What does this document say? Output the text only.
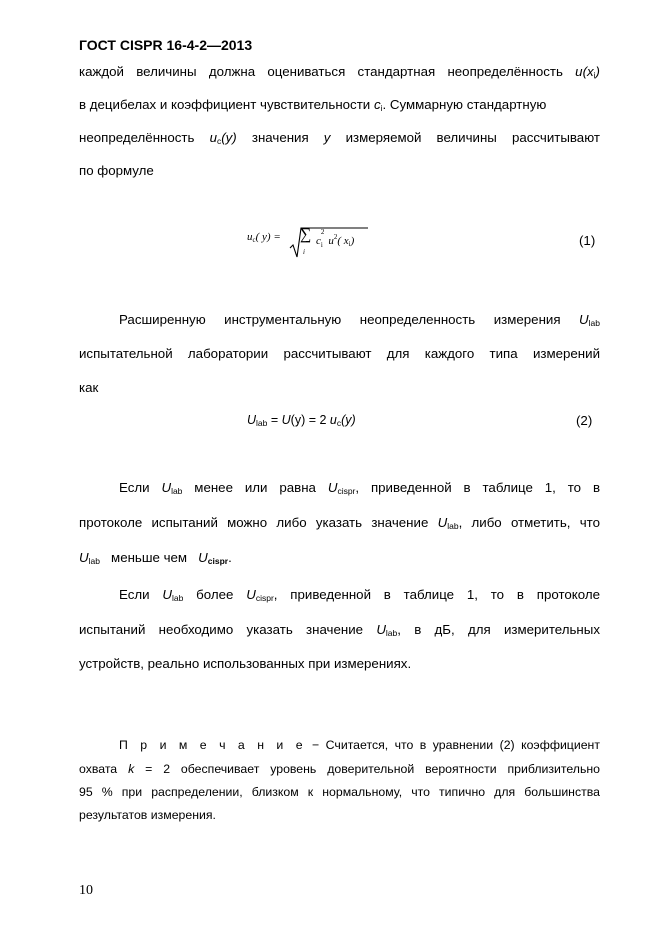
ГОСТ CISPR 16-4-2—2013
каждой величины должна оцениваться стандартная неопределённость $u(x_i)$
в децибелах и коэффициент чувствительности $c_i$. Суммарную стандартную
неопределённость $u_c(y)$ значения y измеряемой величины рассчитывают
по формуле
$u_c$( y) = ∑
i
c
2
$_i$ $u^2$( $x_i$)	(1)
Расширенную инструментальную неопределенность измерения $U_{lab}$
испытательной лаборатории рассчитывают для каждого типа измерений
как
$U_{lab} = U(y) = 2$ $u_c(y)$	(2)
Если $U_{lab}$ менее или равна $U_{cispr}$, приведенной в таблице 1, то в
протоколе испытаний можно либо указать значение $U_{lab}$, либо отметить, что
$U_{lab}$ меньше чем $U_{cispr}$.
Если $U_{lab}$ более $U_{cispr}$, приведенной в таблице 1, то в протоколе
испытаний необходимо указать значение $U_{lab}$, в дБ, для измерительных
устройств, реально использованных при измерениях.
П р и м е ч а н и е − Считается, что в уравнении (2) коэффициент
охвата k = 2 обеспечивает уровень доверительной вероятности приблизительно
95 % при распределении, близком к нормальному, что типично для большинства
результатов измерения.
10
